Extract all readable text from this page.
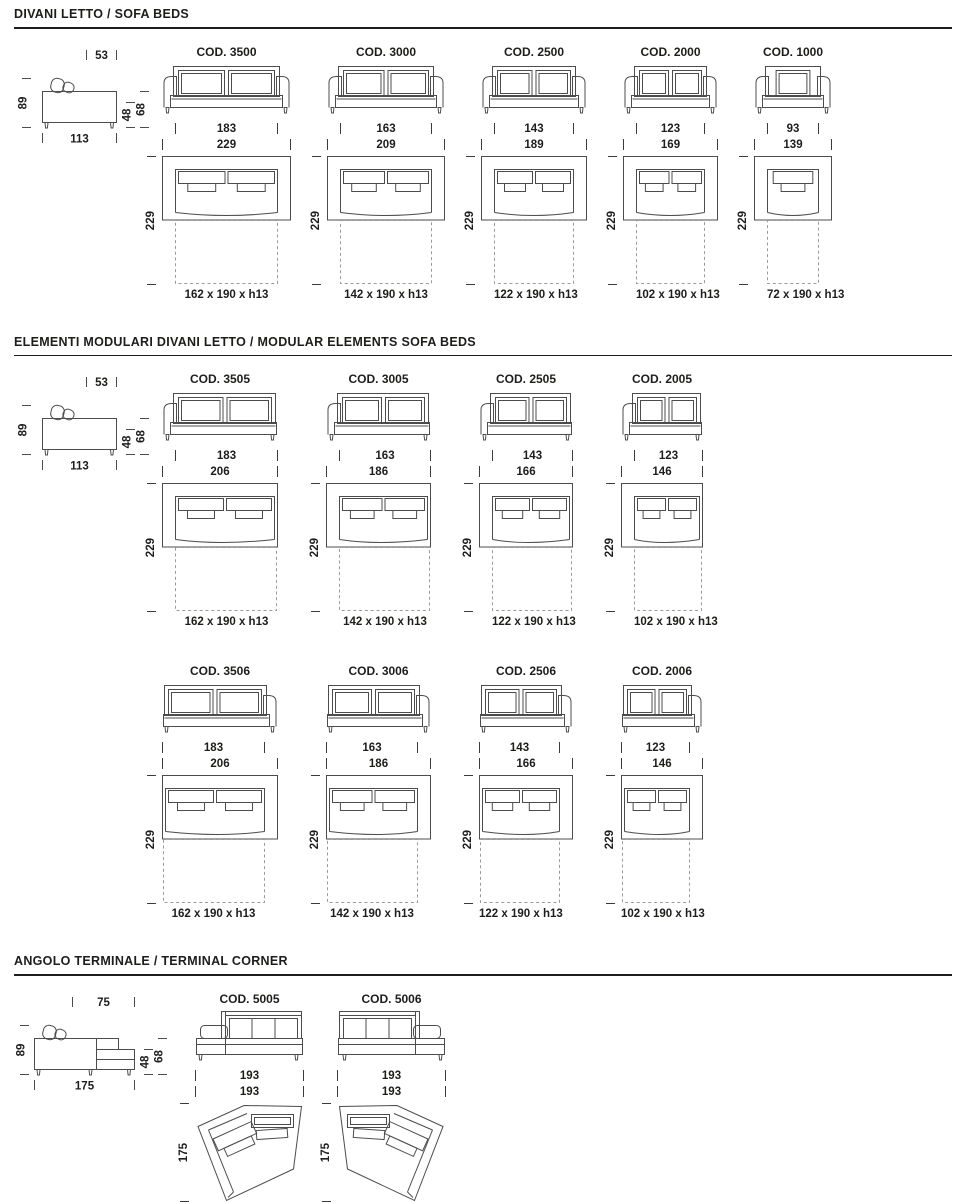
DIVANI LETTO / SOFA BEDS
53
89
113
48 68
COD. 3500
183
229
229
162 x 190 x h13
COD. 3000
163
209
229
142 x 190 x h13
COD. 2500
143
189
229
122 x 190 x h13
COD. 2000
123
169
229
102 x 190 x h13
COD. 1000
93
139
229
72 x 190 x h13
ELEMENTI MODULARI DIVANI LETTO / MODULAR ELEMENTS SOFA BEDS
53
89
113
48 68
COD. 3505
183
206
229
162 x 190 x h13
COD. 3005
163
186
229
142 x 190 x h13
COD. 2505
143
166
229
122 x 190 x h13
COD. 2005
123
146
229
102 x 190 x h13
COD. 3506
183
206
229
162 x 190 x h13
COD. 3006
163
186
229
142 x 190 x h13
COD. 2506
143
166
229
122 x 190 x h13
COD. 2006
123
146
229
102 x 190 x h13
ANGOLO TERMINALE / TERMINAL CORNER
75
89
175
48 68
COD. 5005
193
193
175
COD. 5006
193
193
175
